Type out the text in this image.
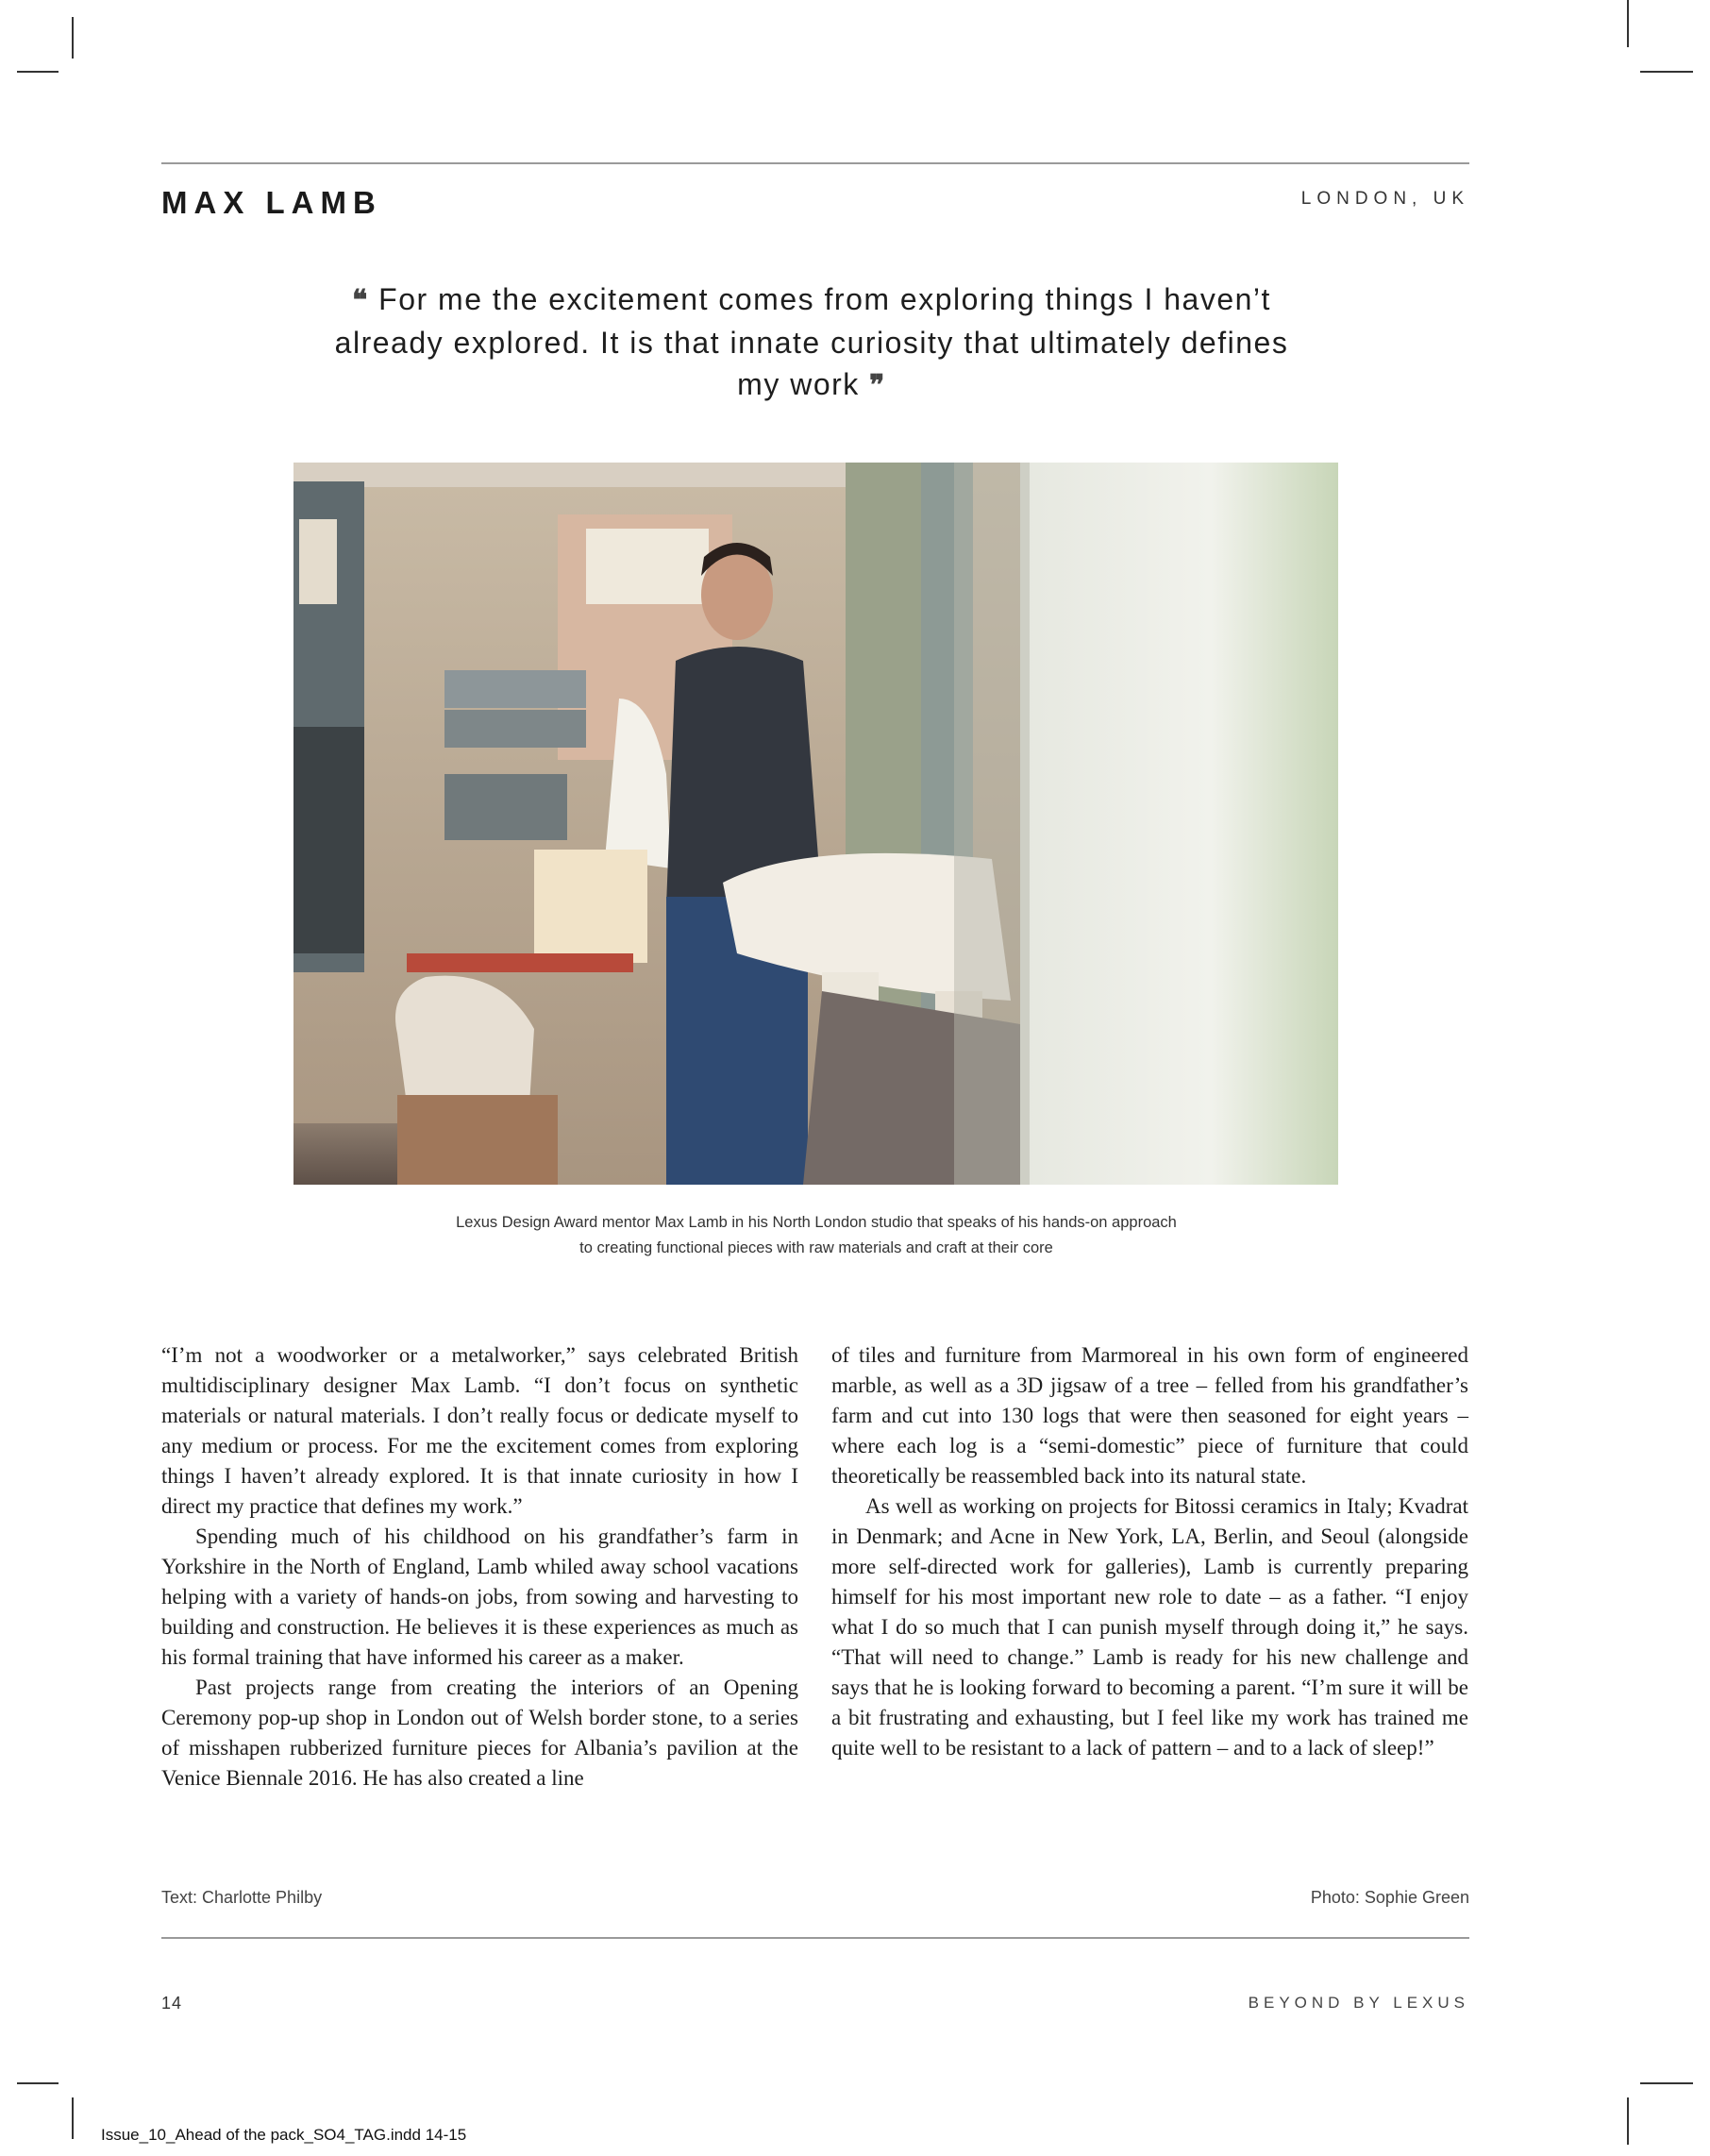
MAX LAMB	LONDON, UK
❝ For me the excitement comes from exploring things I haven’t already explored. It is that innate curiosity that ultimately defines my work ❞
Lexus Design Award mentor Max Lamb in his North London studio that speaks of his hands-on approach to creating functional pieces with raw materials and craft at their core

“I’m not a woodworker or a metalworker,” says celebrated British multidisciplinary designer Max Lamb. “I don’t focus on synthetic materials or natural materials. I don’t really focus or dedicate myself to any medium or process. For me the excitement comes from exploring things I haven’t already explored. It is that innate curiosity in how I direct my practice that defines my work.”

Spending much of his childhood on his grandfather’s farm in Yorkshire in the North of England, Lamb whiled away school vacations helping with a variety of hands-on jobs, from sowing and harvesting to building and construction. He believes it is these experiences as much as his formal training that have informed his career as a maker.

Past projects range from creating the interiors of an Opening Ceremony pop-up shop in London out of Welsh border stone, to a series of misshapen rubberized furniture pieces for Albania’s pavilion at the Venice Biennale 2016. He has also created a line

of tiles and furniture from Marmoreal in his own form of engineered marble, as well as a 3D jigsaw of a tree – felled from his grandfather’s farm and cut into 130 logs that were then seasoned for eight years – where each log is a “semi-domestic” piece of furniture that could theoretically be reassembled back into its natural state.

As well as working on projects for Bitossi ceramics in Italy; Kvadrat in Denmark; and Acne in New York, LA, Berlin, and Seoul (alongside more self-directed work for galleries), Lamb is currently preparing himself for his most important new role to date – as a father. “I enjoy what I do so much that I can punish myself through doing it,” he says. “That will need to change.” Lamb is ready for his new challenge and says that he is looking forward to becoming a parent. “I’m sure it will be a bit frustrating and exhausting, but I feel like my work has trained me quite well to be resistant to a lack of pattern – and to a lack of sleep!”

Text: Charlotte Philby	Photo: Sophie Green
14	BEYOND BY LEXUS
Issue_10_Ahead of the pack_SO4_TAG.indd 14-15
